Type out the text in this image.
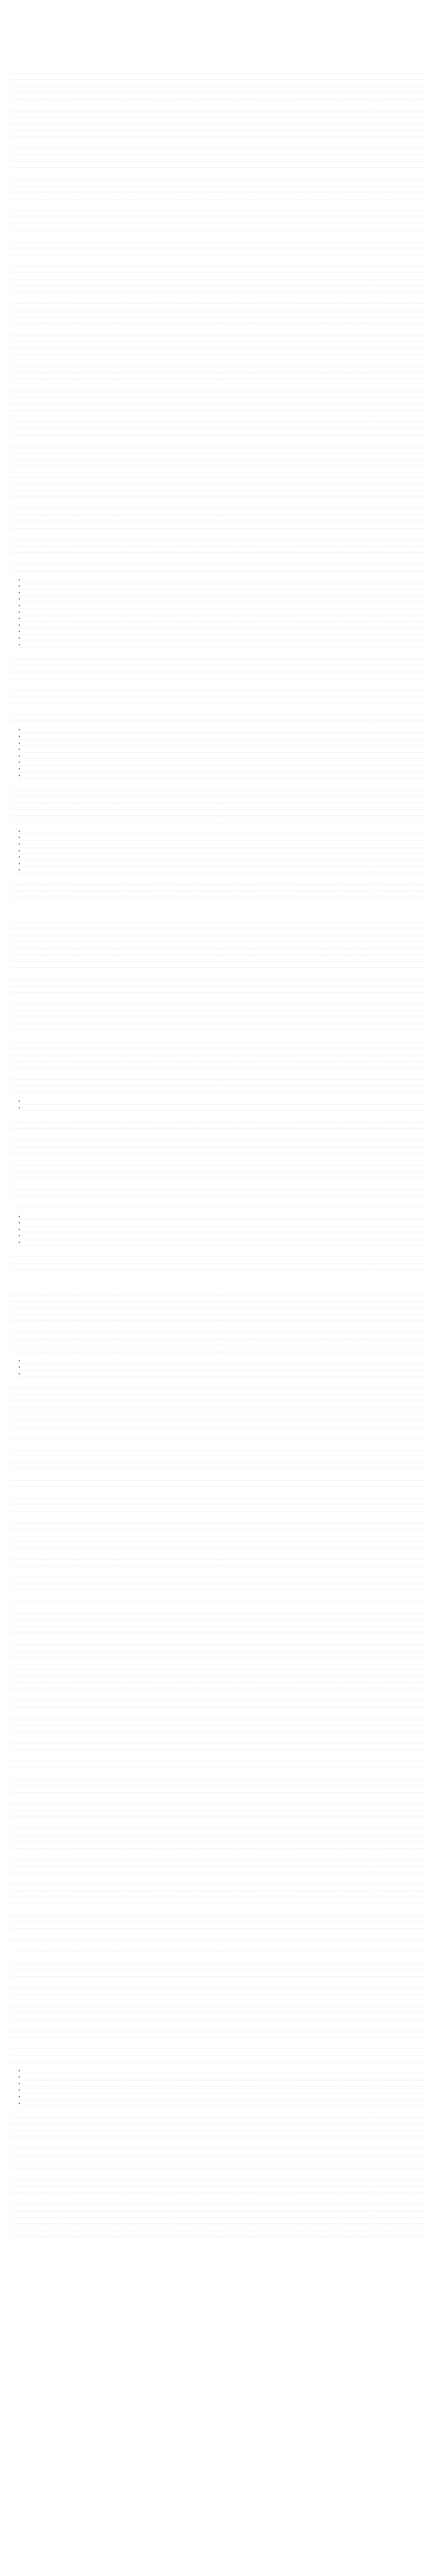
•
•
•
•
•
•
•
•
•
•
•

•
•
•
•
•
•
•
•

•
•
•
•
•
•
•

•
•

•
•
•
•
•

•
•
•

•
•
•
•
•
•
